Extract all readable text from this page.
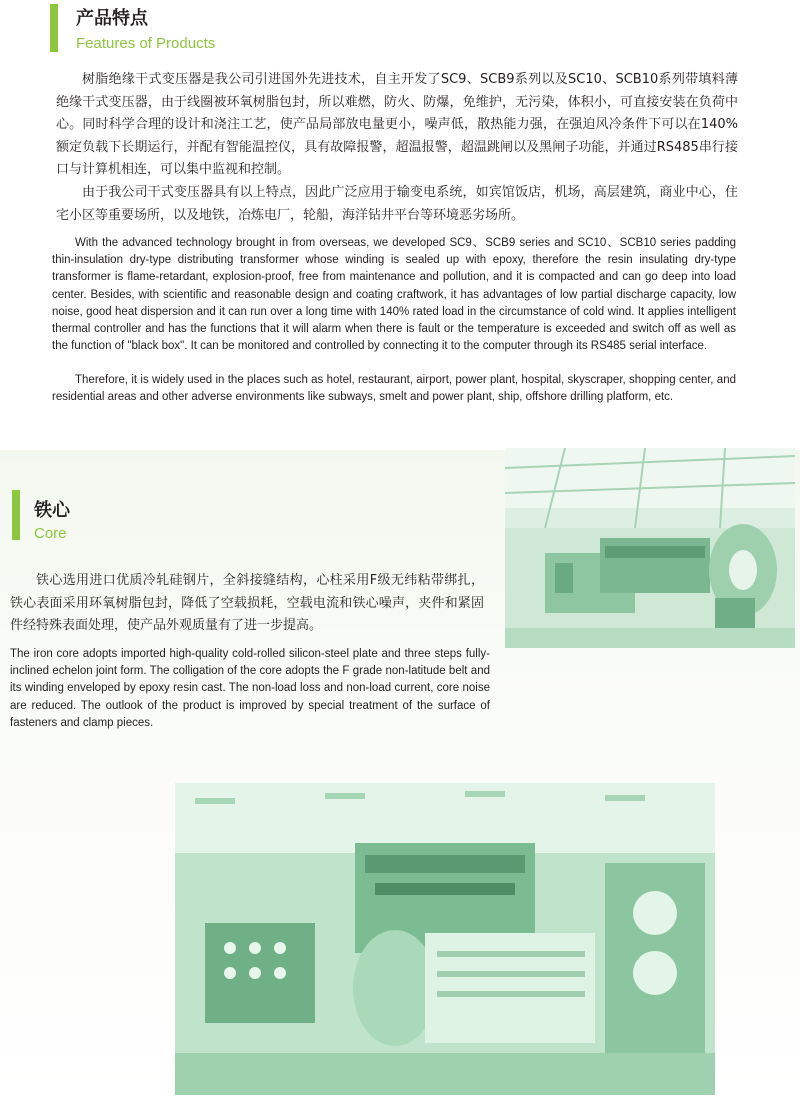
产品特点
Features of Products

树脂绝缘干式变压器是我公司引进国外先进技术，自主开发了SC9、SCB9系列以及SC10、SCB10系列带填料薄绝缘干式变压器，由于线圈被环氧树脂包封，所以难燃，防火、防爆，免维护，无污染，体积小，可直接安装在负荷中心。同时科学合理的设计和浇注工艺，使产品局部放电量更小，噪声低，散热能力强，在强迫风冷条件下可以在140%额定负载下长期运行，并配有智能温控仪，具有故障报警，超温报警，超温跳闸以及黑闸子功能，并通过RS485串行接口与计算机相连，可以集中监视和控制。

由于我公司干式变压器具有以上特点，因此广泛应用于输变电系统，如宾馆饭店，机场，高层建筑，商业中心，住宅小区等重要场所，以及地铁，冶炼电厂，轮船，海洋钻井平台等环境恶劣场所。

With the advanced technology brought in from overseas, we developed SC9、SCB9 series and SC10、SCB10 series padding thin-insulation dry-type distributing transformer whose winding is sealed up with epoxy, therefore the resin insulating dry-type transformer is flame-retardant, explosion-proof, free from maintenance and pollution, and it is compacted and can go deep into load center. Besides, with scientific and reasonable design and coating craftwork, it has advantages of low partial discharge capacity, low noise, good heat dispersion and it can run over a long time with 140% rated load in the circumstance of cold wind. It applies intelligent thermal controller and has the functions that it will alarm when there is fault or the temperature is exceeded and switch off as well as the function of "black box". It can be monitored and controlled by connecting it to the computer through its RS485 serial interface.

Therefore, it is widely used in the places such as hotel, restaurant, airport, power plant, hospital, skyscraper, shopping center, and residential areas and other adverse environments like subways, smelt and power plant, ship, offshore drilling platform, etc.

铁心
Core

铁心选用进口优质冷轧硅钢片，全斜接缝结构，心柱采用F级无纬粘带绑扎，铁心表面采用环氧树脂包封，降低了空载损耗，空载电流和铁心噪声，夹件和紧固件经特殊表面处理，使产品外观质量有了进一步提高。

The iron core adopts imported high-quality cold-rolled silicon-steel plate and three steps fully-inclined echelon joint form. The colligation of the core adopts the F grade non-latitude belt and its winding enveloped by epoxy resin cast. The non-load loss and non-load current, core noise are reduced. The outlook of the product is improved by special treatment of the surface of fasteners and clamp pieces.
